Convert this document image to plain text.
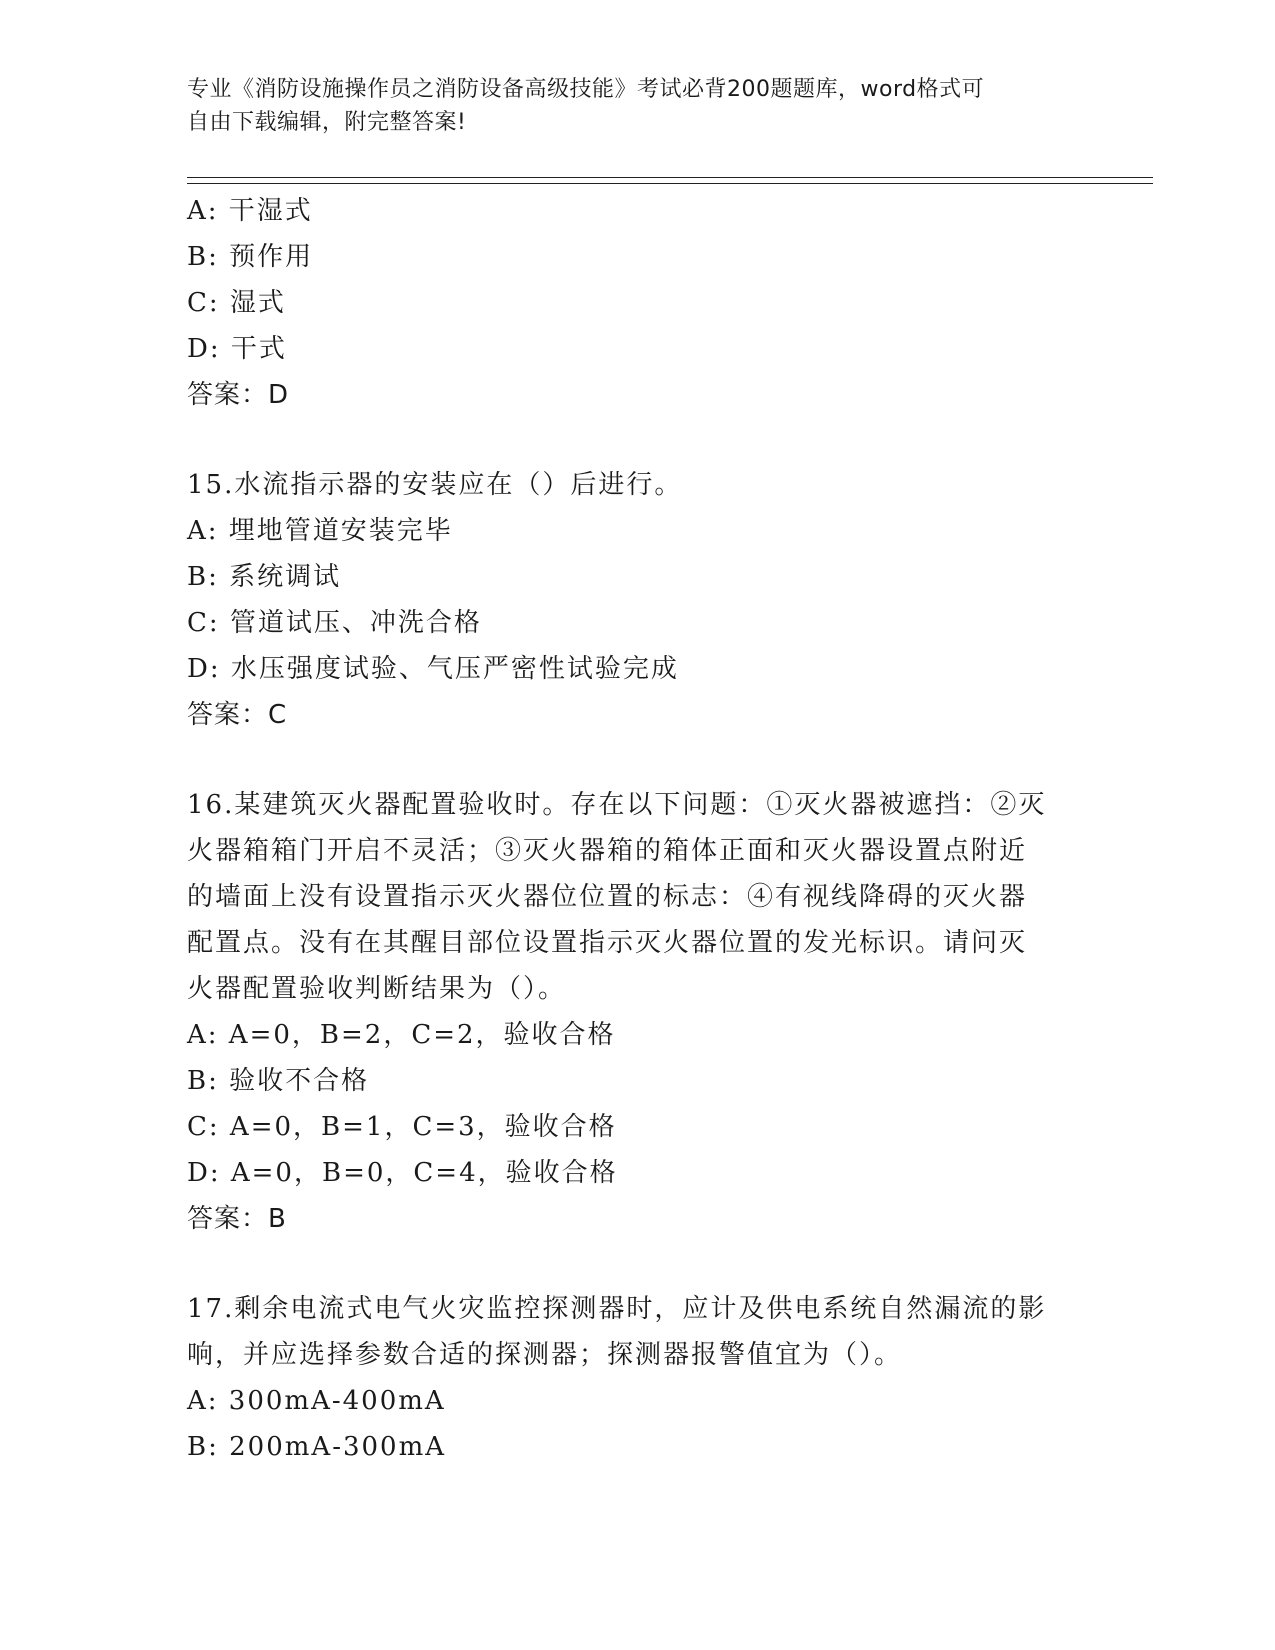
专业《消防设施操作员之消防设备高级技能》考试必背200题题库，word格式可
自由下载编辑，附完整答案!
A: 干湿式
B: 预作用
C: 湿式
D: 干式
答案：D
15.水流指示器的安装应在（）后进行。
A: 埋地管道安装完毕
B: 系统调试
C: 管道试压、冲洗合格
D: 水压强度试验、气压严密性试验完成
答案：C
16.某建筑灭火器配置验收时。存在以下问题：①灭火器被遮挡：②灭
火器箱箱门开启不灵活；③灭火器箱的箱体正面和灭火器设置点附近
的墙面上没有设置指示灭火器位位置的标志：④有视线降碍的灭火器
配置点。没有在其醒目部位设置指示灭火器位置的发光标识。请问灭
火器配置验收判断结果为（）。
A: A=0，B=2，C=2，验收合格
B: 验收不合格
C: A=0，B=1，C=3，验收合格
D: A=0，B=0，C=4，验收合格
答案：B
17.剩余电流式电气火灾监控探测器时，应计及供电系统自然漏流的影
响，并应选择参数合适的探测器；探测器报警值宜为（）。
A: 300mA-400mA
B: 200mA-300mA
